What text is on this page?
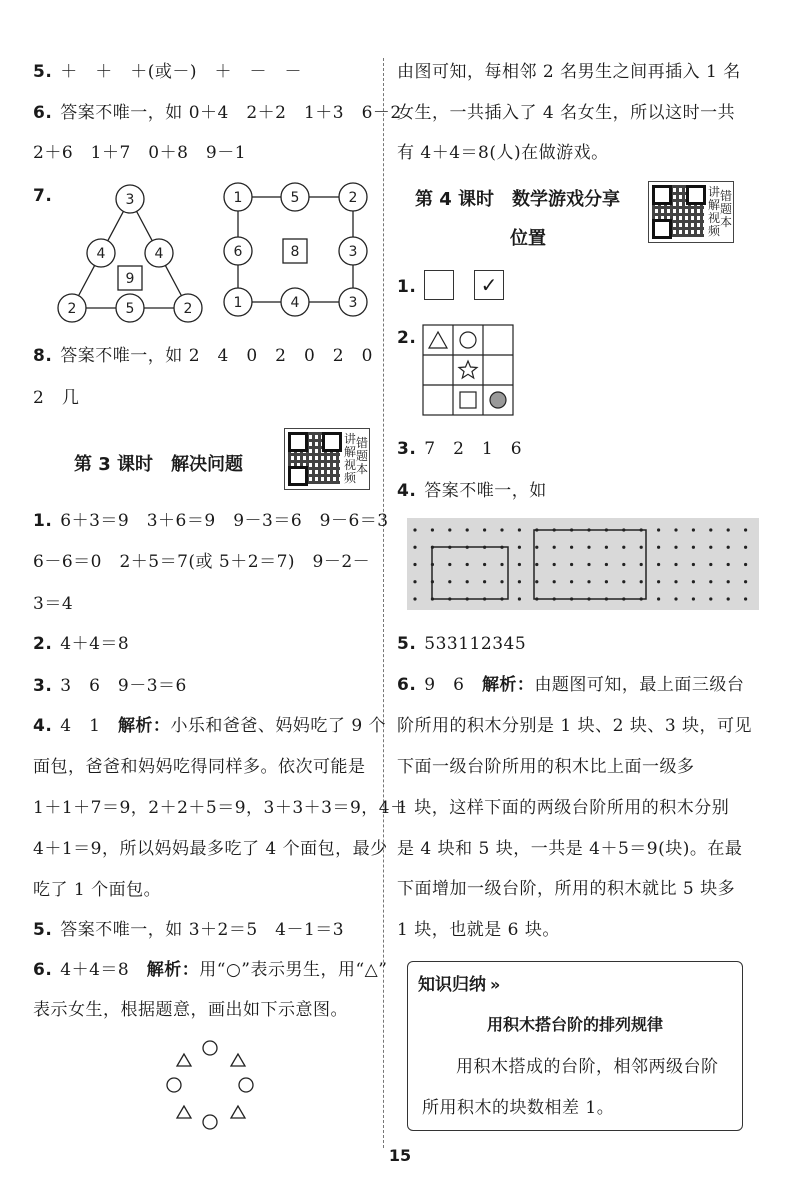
5. ＋　＋　＋(或－)　＋　－　－
6. 答案不唯一，如 0＋4　2＋2　1＋3　6－2
2＋6　1＋7　0＋8　9－1
7.	3
4	4
9
2	5	2
1	5	2
6	8	3
1	4	3
8. 答案不唯一，如 2　4　0　2　0　2　0
2　几
第 3 课时　解决问题
讲
解
视
频
错
题
本
1. 6＋3＝9　3＋6＝9　9－3＝6　9－6＝3
6－6＝0　2＋5＝7(或 5＋2＝7)　9－2－
3＝4
2. 4＋4＝8
3. 3　6　9－3＝6
4. 4　1　 解析：小乐和爸爸、妈妈吃了 9 个
面包，爸爸和妈妈吃得同样多。依次可能是
1＋1＋7＝9，2＋2＋5＝9，3＋3＋3＝9，4＋
4＋1＝9，所以妈妈最多吃了 4 个面包，最少
吃了 1 个面包。
5. 答案不唯一，如 3＋2＝5　4－1＝3
6. 4＋4＝8　 解析：用“○”表示男生，用“△”
表示女生，根据题意，画出如下示意图。
由图可知，每相邻 2 名男生之间再插入 1 名
女生，一共插入了 4 名女生，所以这时一共
有 4＋4＝8(人)在做游戏。
第 4 课时　数学游戏分享
位置
讲
解
视
频
错
题
本
1.	✓
2.
3. 7　2　1　6
4. 答案不唯一，如
5. 533112345
6. 9　6　 解析：由题图可知，最上面三级台
阶所用的积木分别是 1 块、2 块、3 块，可见
下面一级台阶所用的积木比上面一级多
1 块，这样下面的两级台阶所用的积木分别
是 4 块和 5 块，一共是 4＋5＝9(块)。在最
下面增加一级台阶，所用的积木就比 5 块多
1 块，也就是 6 块。
知识归纳 »
用积木搭台阶的排列规律
用积木搭成的台阶，相邻两级台阶
所用积木的块数相差 1。
15
